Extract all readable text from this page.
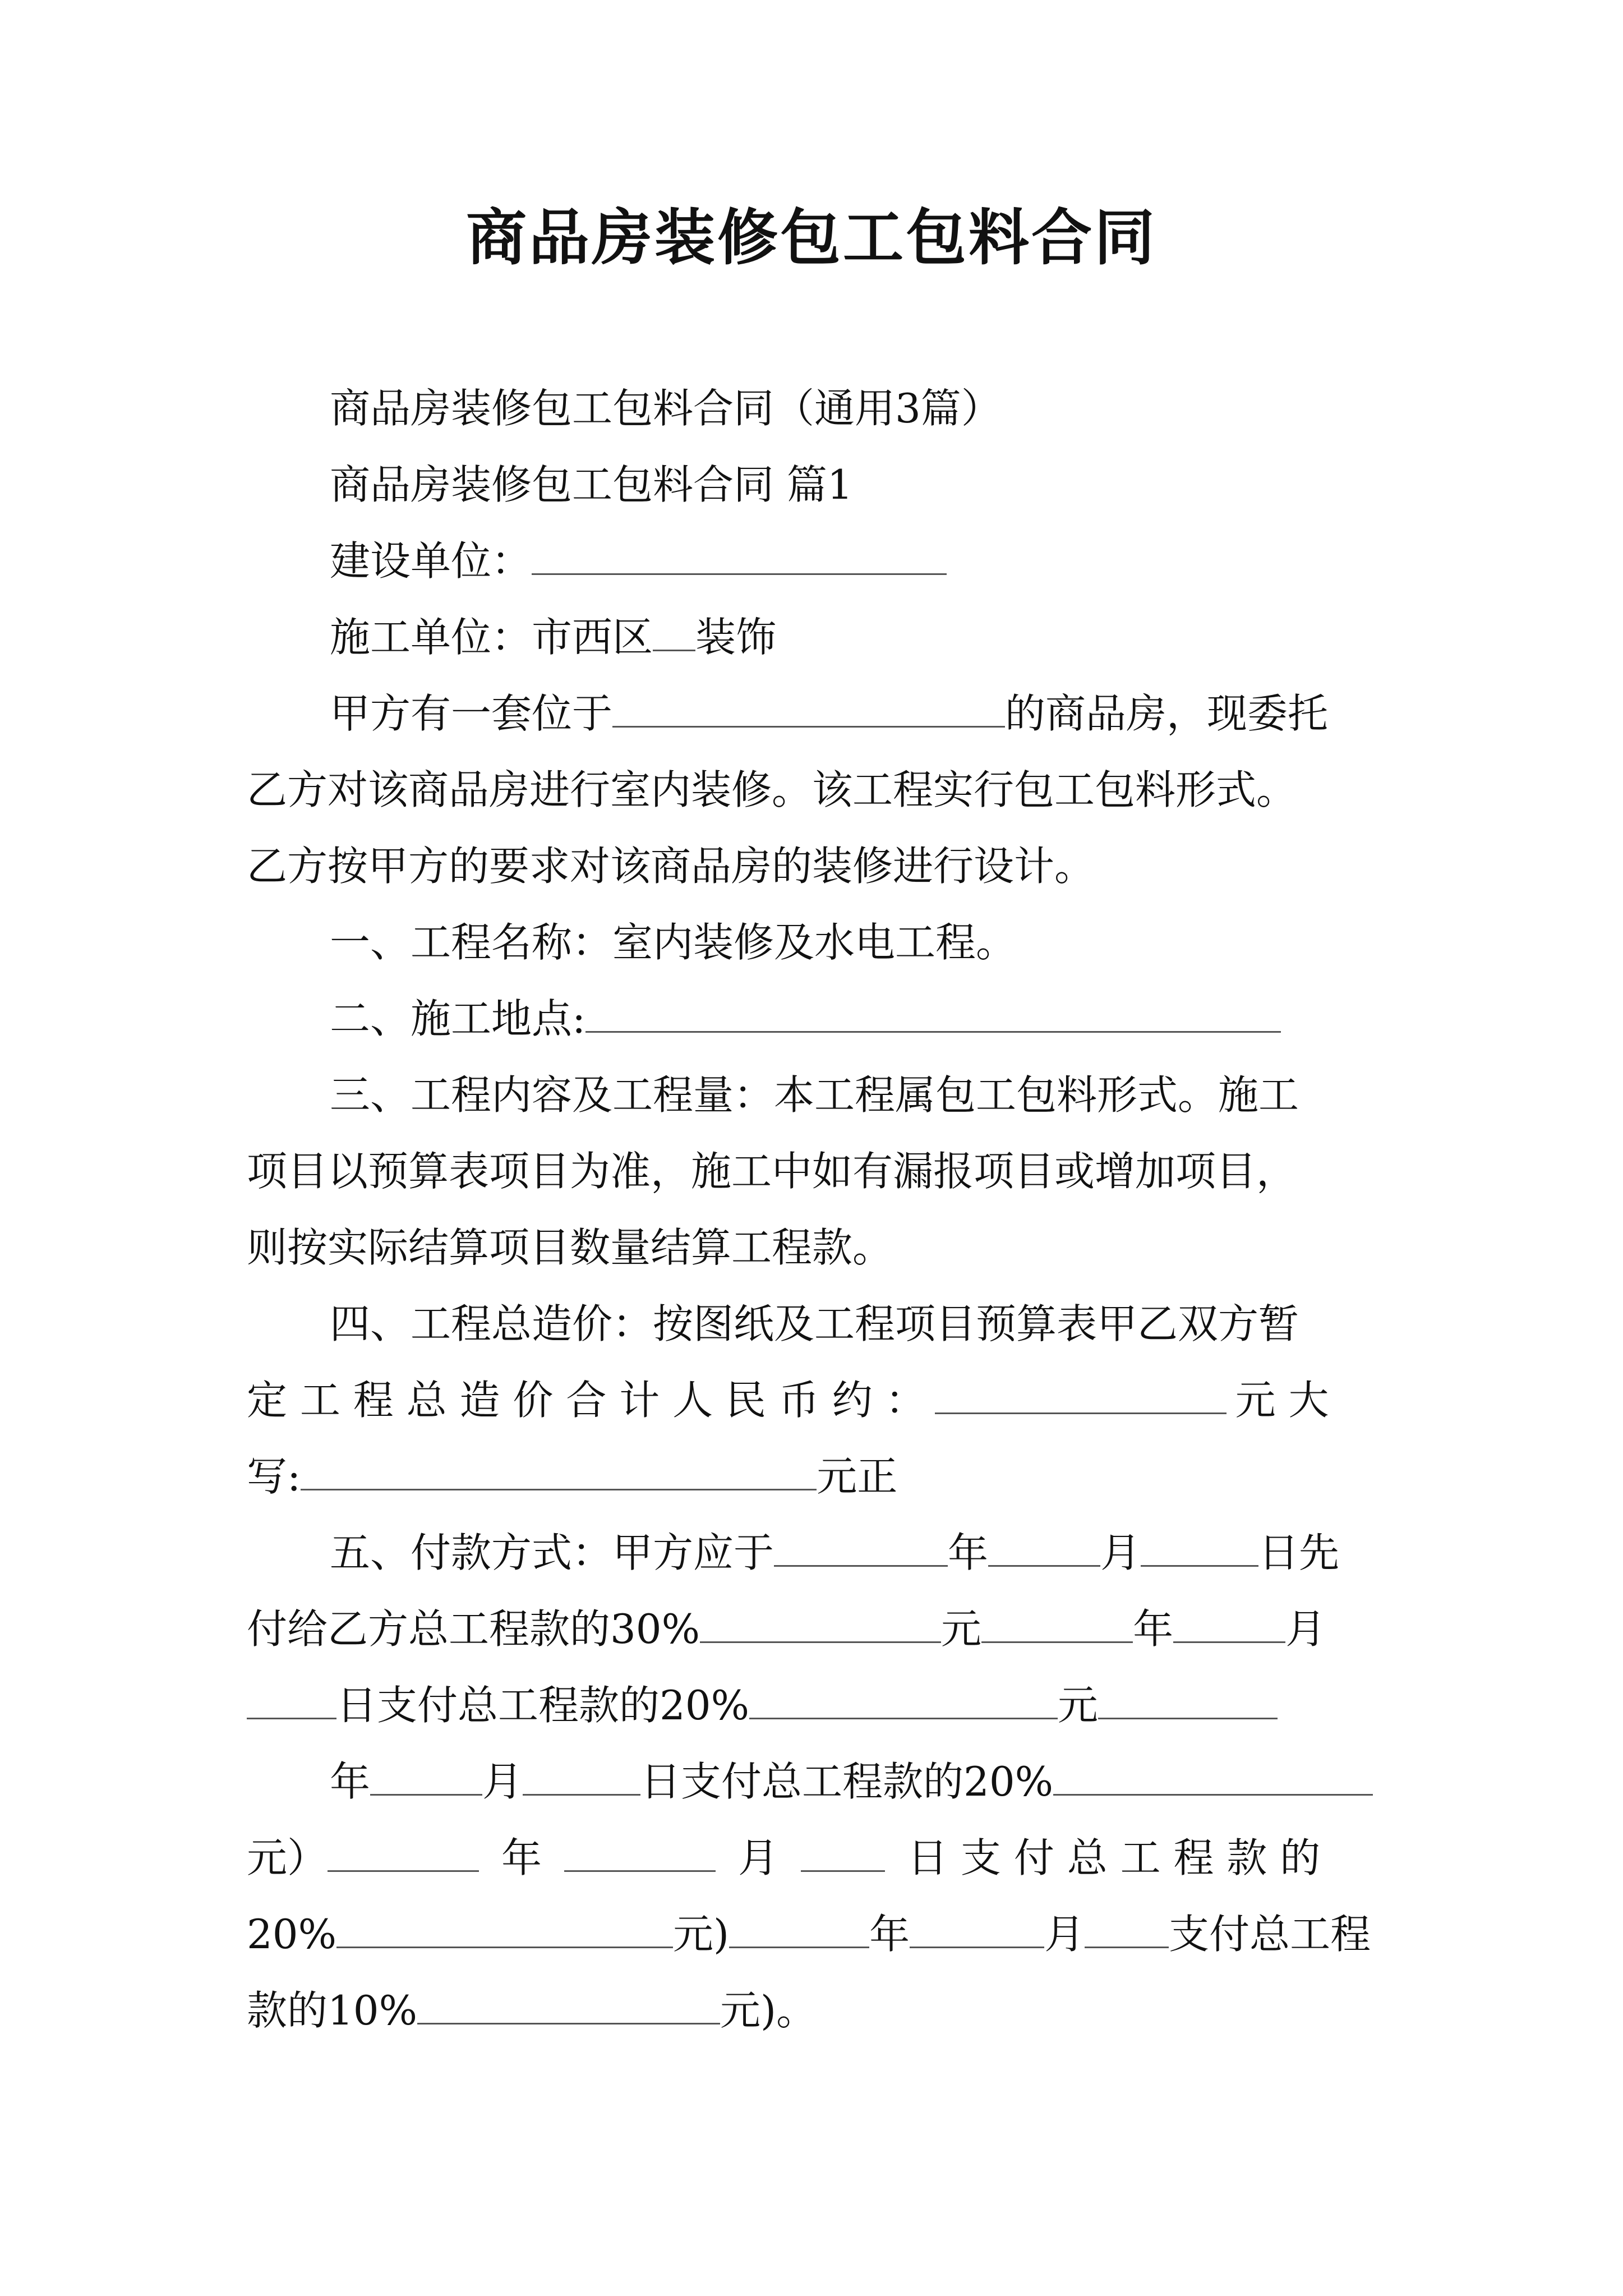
商品房装修包工包料合同

商品房装修包工包料合同（通用3篇）

商品房装修包工包料合同 篇1

建设单位：

施工单位：市西区 装饰

甲方有一套位于	的商品房，现委托
乙方对该商品房进行室内装修。该工程实行包工包料形式。
乙方按甲方的要求对该商品房的装修进行设计。

一、工程名称：室内装修及水电工程。

二、施工地点:

三、工程内容及工程量：本工程属包工包料形式。施工
项目以预算表项目为准，施工中如有漏报项目或增加项目，
则按实际结算项目数量结算工程款。
四、工程总造价：按图纸及工程项目预算表甲乙双方暂
定 工 程 总 造 价 合 计 人 民 币 约 ：	元 大
写:	元正
五、付款方式：甲方应于	年	月	日先
付给乙方总工程款的30%	元	年	月
日支付总工程款的20%	元
年	月	日支付总工程款的20%
元）	年	月	日 支 付 总 工 程 款 的
20%	元)	年	月 支付总工程
款的10%	元)。
